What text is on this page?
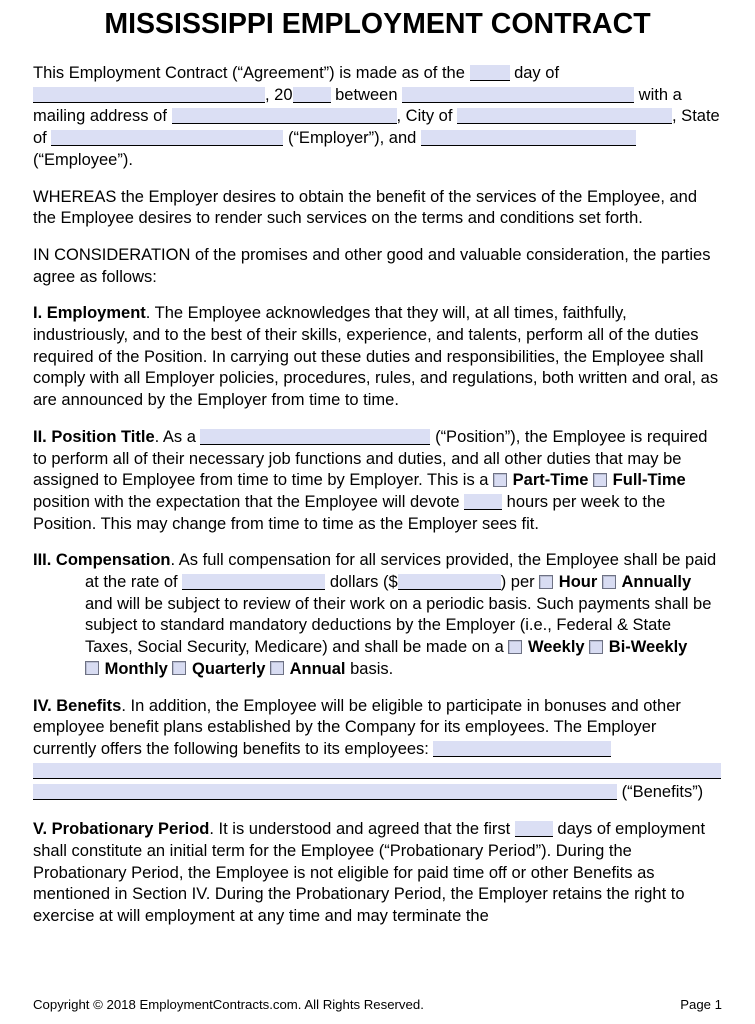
MISSISSIPPI EMPLOYMENT CONTRACT

This Employment Contract (“Agreement”) is made as of the  day of , 20 between	with a mailing address of	, City of	, State of	(“Employer”), and  (“Employee”).

WHEREAS the Employer desires to obtain the benefit of the services of the Employee, and the Employee desires to render such services on the terms and conditions set forth.

IN CONSIDERATION of the promises and other good and valuable consideration, the parties agree as follows:

I. Employment. The Employee acknowledges that they will, at all times, faithfully, industriously, and to the best of their skills, experience, and talents, perform all of the duties required of the Position. In carrying out these duties and responsibilities, the Employee shall comply with all Employer policies, procedures, rules, and regulations, both written and oral, as are announced by the Employer from time to time.

II. Position Title. As a	(“Position”), the Employee is required to perform all of their necessary job functions and duties, and all other duties that may be assigned to Employee from time to time by Employer. This is a  Part-Time Full-Time position with the expectation that the Employee will devote  hours per week to the Position. This may change from time to time as the Employer sees fit.

III. Compensation. As full compensation for all services provided, the Employee shall be paid at the rate of	dollars ($	) per  Hour Annually and will be subject to review of their work on a periodic basis. Such payments shall be subject to standard mandatory deductions by the Employer (i.e., Federal & State Taxes, Social Security, Medicare) and shall be made on a  Weekly Bi-Weekly  Monthly Quarterly Annual basis.

IV. Benefits. In addition, the Employee will be eligible to participate in bonuses and other employee benefit plans established by the Company for its employees. The Employer currently offers the following benefits to its employees:    (“Benefits”)

V. Probationary Period. It is understood and agreed that the first  days of employment shall constitute an initial term for the Employee (“Probationary Period”). During the Probationary Period, the Employee is not eligible for paid time off or other Benefits as mentioned in Section IV. During the Probationary Period, the Employer retains the right to exercise at will employment at any time and may terminate the

Copyright © 2018 EmploymentContracts.com. All Rights Reserved.	Page 1
